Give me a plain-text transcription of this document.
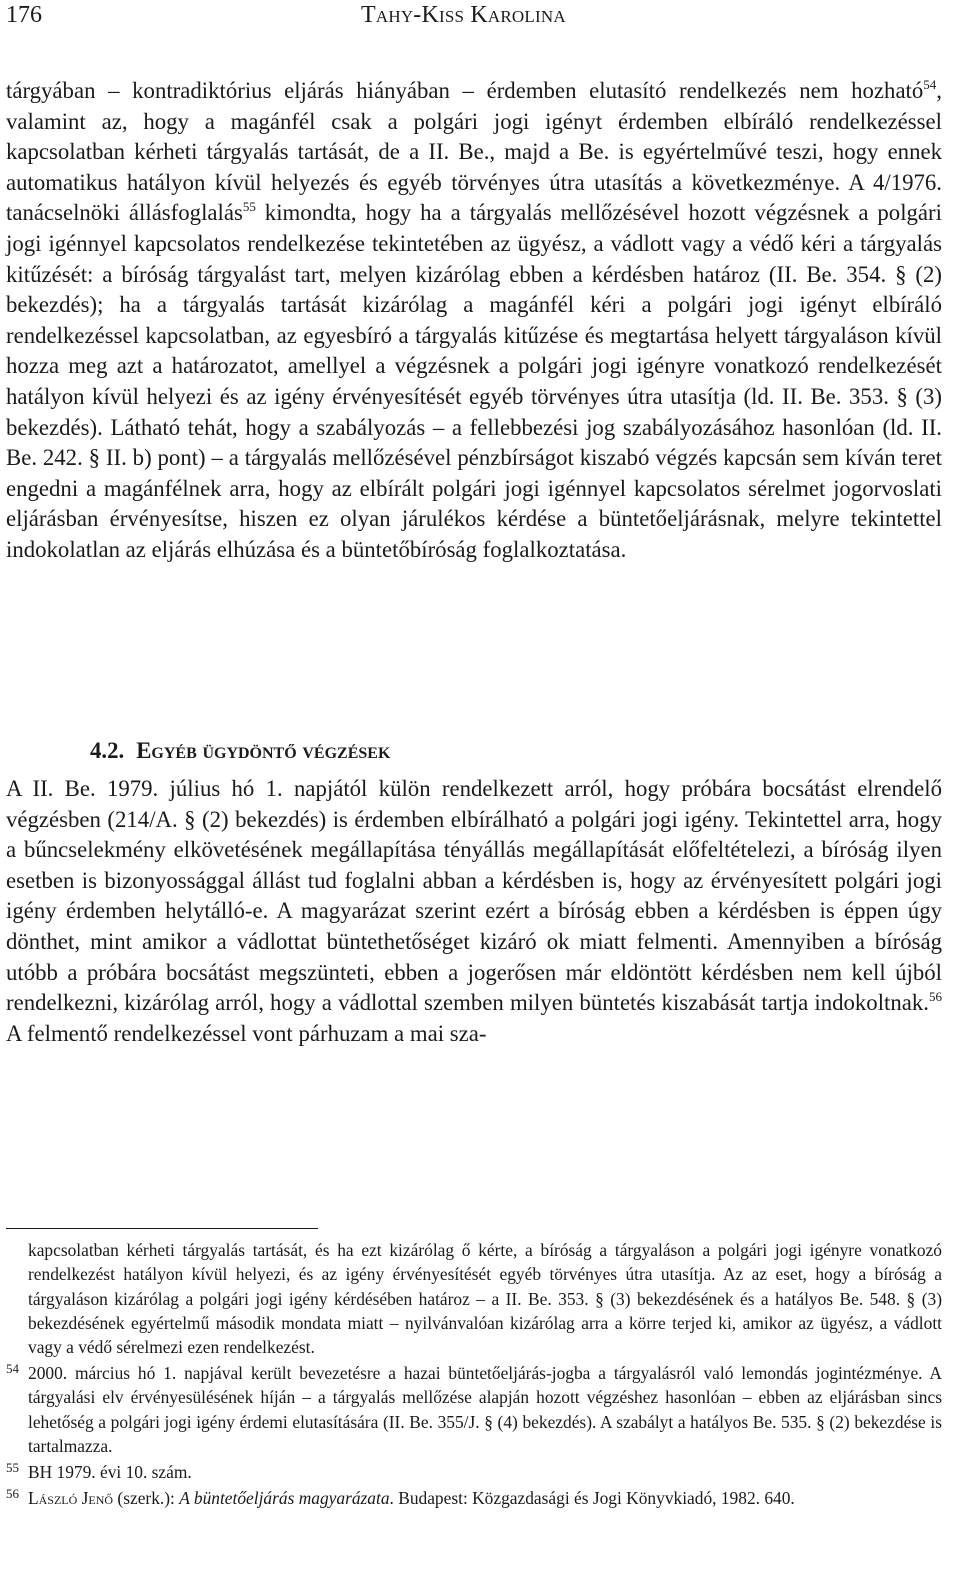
176	Tahy-Kiss Karolina

tárgyában – kontradiktórius eljárás hiányában – érdemben elutasító rendelkezés nem hozható$^{54}$, valamint az, hogy a magánfél csak a polgári jogi igényt érdemben elbíráló rendelkezéssel kapcsolatban kérheti tárgyalás tartását, de a II. Be., majd a Be. is egyértelművé teszi, hogy ennek automatikus hatályon kívül helyezés és egyéb törvényes útra utasítás a következménye. A 4/1976. tanácselnöki állásfoglalás$^{55}$ kimondta, hogy ha a tárgyalás mellőzésével hozott végzésnek a polgári jogi igénnyel kapcsolatos rendelkezése tekintetében az ügyész, a vádlott vagy a védő kéri a tárgyalás kitűzését: a bíróság tárgyalást tart, melyen kizárólag ebben a kérdésben határoz (II. Be. 354. § (2) bekezdés); ha a tárgyalás tartását kizárólag a magánfél kéri a polgári jogi igényt elbíráló rendelkezéssel kapcsolatban, az egyesbíró a tárgyalás kitűzése és megtartása helyett tárgyaláson kívül hozza meg azt a határozatot, amellyel a végzésnek a polgári jogi igényre vonatkozó rendelkezését hatályon kívül helyezi és az igény érvényesítését egyéb törvényes útra utasítja (ld. II. Be. 353. § (3) bekezdés). Látható tehát, hogy a szabályozás – a fellebbezési jog szabályozásához hasonlóan (ld. II. Be. 242. § II. b) pont) – a tárgyalás mellőzésével pénzbírságot kiszabó végzés kapcsán sem kíván teret engedni a magánfélnek arra, hogy az elbírált polgári jogi igénnyel kapcsolatos sérelmet jogorvoslati eljárásban érvényesítse, hiszen ez olyan járulékos kérdése a büntetőeljárásnak, melyre tekintettel indokolatlan az eljárás elhúzása és a büntetőbíróság foglalkoztatása.

4.2. Egyéb ügydöntő végzések

A II. Be. 1979. július hó 1. napjától külön rendelkezett arról, hogy próbára bocsátást elrendelő végzésben (214/A. § (2) bekezdés) is érdemben elbírálható a polgári jogi igény. Tekintettel arra, hogy a bűncselekmény elkövetésének megállapítása tényállás megállapítását előfeltételezi, a bíróság ilyen esetben is bizonyossággal állást tud foglalni abban a kérdésben is, hogy az érvényesített polgári jogi igény érdemben helytálló-e. A magyarázat szerint ezért a bíróság ebben a kérdésben is éppen úgy dönthet, mint amikor a vádlottat büntethetőséget kizáró ok miatt felmenti. Amennyiben a bíróság utóbb a próbára bocsátást megszünteti, ebben a jogerősen már eldöntött kérdésben nem kell újból rendelkezni, kizárólag arról, hogy a vádlottal szemben milyen büntetés kiszabását tartja indokoltnak.$^{56}$ A felmentő rendelkezéssel vont párhuzam a mai sza-

kapcsolatban kérheti tárgyalás tartását, és ha ezt kizárólag ő kérte, a bíróság a tárgyaláson a polgári jogi igényre vonatkozó rendelkezést hatályon kívül helyezi, és az igény érvényesítését egyéb törvényes útra utasítja. Az az eset, hogy a bíróság a tárgyaláson kizárólag a polgári jogi igény kérdésében határoz – a II. Be. 353. § (3) bekezdésének és a hatályos Be. 548. § (3) bekezdésének egyértelmű második mondata miatt – nyilvánvalóan kizárólag arra a körre terjed ki, amikor az ügyész, a vádlott vagy a védő sérelmezi ezen rendelkezést.

54 2000. március hó 1. napjával került bevezetésre a hazai büntetőeljárás-jogba a tárgyalásról való lemondás jogintézménye. A tárgyalási elv érvényesülésének híján – a tárgyalás mellőzése alapján hozott végzéshez hasonlóan – ebben az eljárásban sincs lehetőség a polgári jogi igény érdemi elutasítására (II. Be. 355/J. § (4) bekezdés). A szabályt a hatályos Be. 535. § (2) bekezdése is tartalmazza.

55 BH 1979. évi 10. szám.

56 László Jenő (szerk.): A büntetőeljárás magyarázata. Budapest: Közgazdasági és Jogi Könyvkiadó, 1982. 640.
